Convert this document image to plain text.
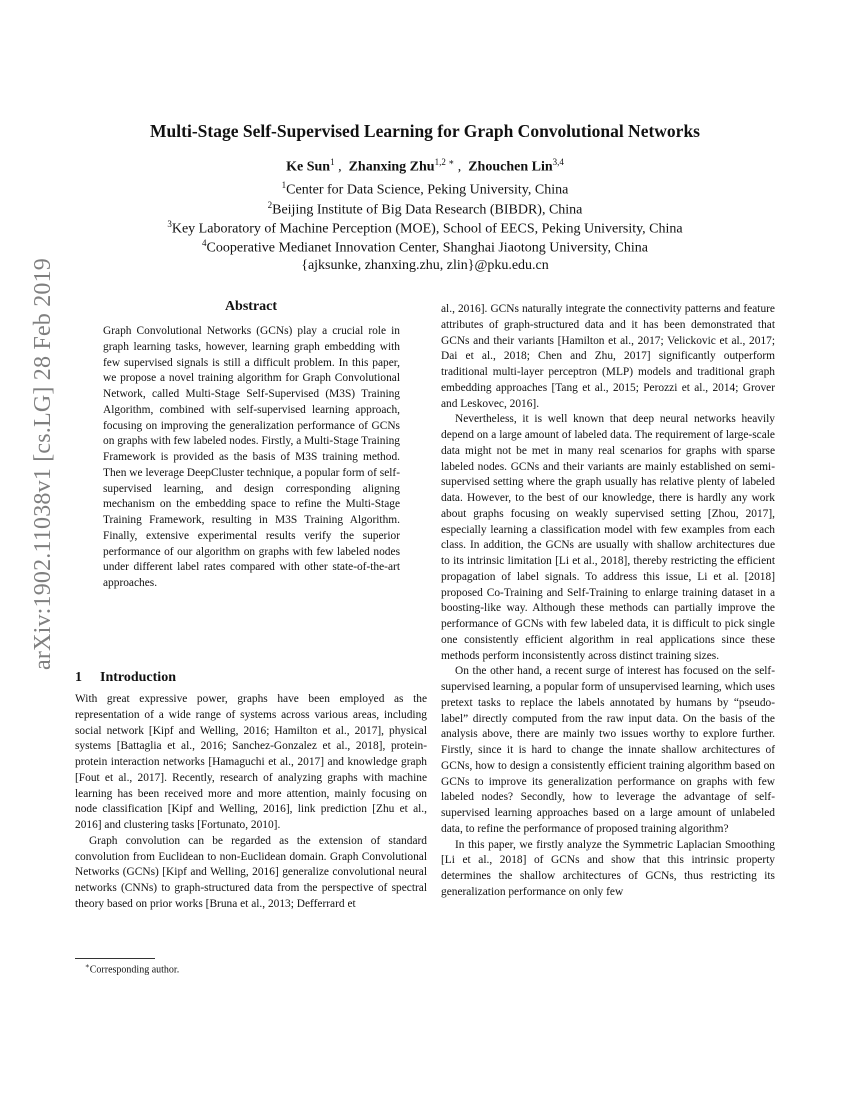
Multi-Stage Self-Supervised Learning for Graph Convolutional Networks
Ke Sun$^1$ , Zhanxing Zhu$^{1,2 ∗}$ , Zhouchen Lin$^{3,4}$
$^1$Center for Data Science, Peking University, China
$^2$Beijing Institute of Big Data Research (BIBDR), China
$^3$Key Laboratory of Machine Perception (MOE), School of EECS, Peking University, China
$^4$Cooperative Medianet Innovation Center, Shanghai Jiaotong University, China
{ajksunke, zhanxing.zhu, zlin}@pku.edu.cn
arXiv:1902.11038v1 [cs.LG] 28 Feb 2019	Abstract

Graph Convolutional Networks (GCNs) play a crucial role in graph learning tasks, however, learning graph embedding with few supervised signals is still a difficult problem. In this paper, we propose a novel training algorithm for Graph Convolutional Network, called Multi-Stage Self-Supervised (M3S) Training Algorithm, combined with self-supervised learning approach, focusing on improving the generalization performance of GCNs on graphs with few labeled nodes. Firstly, a Multi-Stage Training Framework is provided as the basis of M3S training method. Then we leverage DeepCluster technique, a popular form of self-supervised learning, and design corresponding aligning mechanism on the embedding space to refine the Multi-Stage Training Framework, resulting in M3S Training Algorithm. Finally, extensive experimental results verify the superior performance of our algorithm on graphs with few labeled nodes under different label rates compared with other state-of-the-art approaches.

1 Introduction

With great expressive power, graphs have been employed as the representation of a wide range of systems across various areas, including social network [Kipf and Welling, 2016; Hamilton et al., 2017], physical systems [Battaglia et al., 2016; Sanchez-Gonzalez et al., 2018], protein-protein interaction networks [Hamaguchi et al., 2017] and knowledge graph [Fout et al., 2017]. Recently, research of analyzing graphs with machine learning has been received more and more attention, mainly focusing on node classification [Kipf and Welling, 2016], link prediction [Zhu et al., 2016] and clustering tasks [Fortunato, 2010].

Graph convolution can be regarded as the extension of standard convolution from Euclidean to non-Euclidean domain. Graph Convolutional Networks (GCNs) [Kipf and Welling, 2016] generalize convolutional neural networks (CNNs) to graph-structured data from the perspective of spectral theory based on prior works [Bruna et al., 2013; Defferrard et

al., 2016]. GCNs naturally integrate the connectivity patterns and feature attributes of graph-structured data and it has been demonstrated that GCNs and their variants [Hamilton et al., 2017; Velickovic et al., 2017; Dai et al., 2018; Chen and Zhu, 2017] significantly outperform traditional multi-layer perceptron (MLP) models and traditional graph embedding approaches [Tang et al., 2015; Perozzi et al., 2014; Grover and Leskovec, 2016].

Nevertheless, it is well known that deep neural networks heavily depend on a large amount of labeled data. The requirement of large-scale data might not be met in many real scenarios for graphs with sparse labeled nodes. GCNs and their variants are mainly established on semi-supervised setting where the graph usually has relative plenty of labeled data. However, to the best of our knowledge, there is hardly any work about graphs focusing on weakly supervised setting [Zhou, 2017], especially learning a classification model with few examples from each class. In addition, the GCNs are usually with shallow architectures due to its intrinsic limitation [Li et al., 2018], thereby restricting the efficient propagation of label signals. To address this issue, Li et al. [2018] proposed Co-Training and Self-Training to enlarge training dataset in a boosting-like way. Although these methods can partially improve the performance of GCNs with few labeled data, it is difficult to pick single one consistently efficient algorithm in real applications since these methods perform inconsistently across distinct training sizes.

On the other hand, a recent surge of interest has focused on the self-supervised learning, a popular form of unsupervised learning, which uses pretext tasks to replace the labels annotated by humans by “pseudo-label” directly computed from the raw input data. On the basis of the analysis above, there are mainly two issues worthy to explore further. Firstly, since it is hard to change the innate shallow architectures of GCNs, how to design a consistently efficient training algorithm based on GCNs to improve its generalization performance on graphs with few labeled nodes? Secondly, how to leverage the advantage of self-supervised learning approaches based on a large amount of unlabeled data, to refine the performance of proposed training algorithm?

In this paper, we firstly analyze the Symmetric Laplacian Smoothing [Li et al., 2018] of GCNs and show that this intrinsic property determines the shallow architectures of GCNs, thus restricting its generalization performance on only few

∗Corresponding author.
